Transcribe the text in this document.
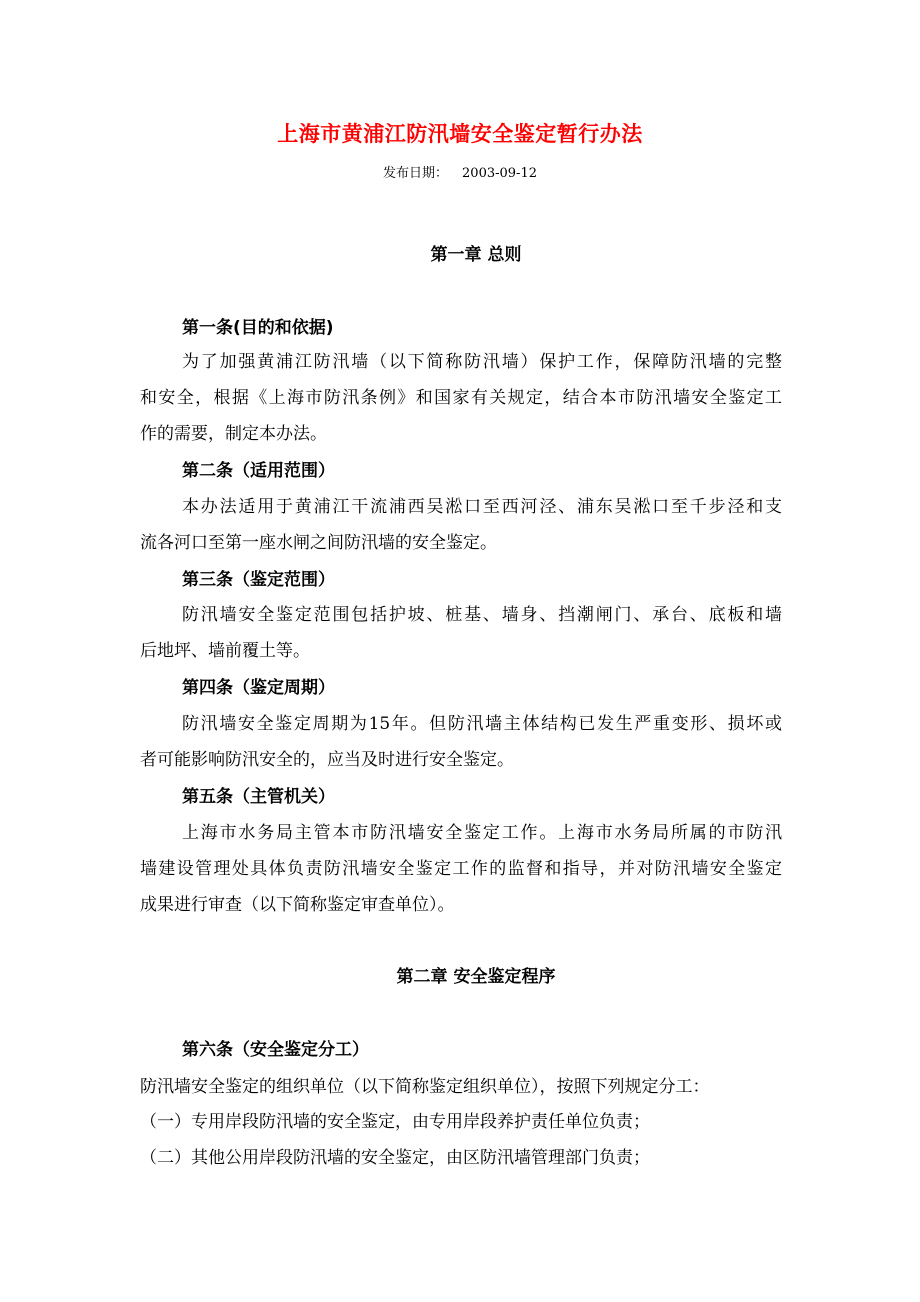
上海市黄浦江防汛墙安全鉴定暂行办法
发布日期： 2003-09-12
第一章 总则
第一条(目的和依据)
为了加强黄浦江防汛墙（以下简称防汛墙）保护工作，保障防汛墙的完整
和安全，根据《上海市防汛条例》和国家有关规定，结合本市防汛墙安全鉴定工
作的需要，制定本办法。
第二条（适用范围）
本办法适用于黄浦江干流浦西吴淞口至西河泾、浦东吴淞口至千步泾和支
流各河口至第一座水闸之间防汛墙的安全鉴定。
第三条（鉴定范围）
防汛墙安全鉴定范围包括护坡、桩基、墙身、挡潮闸门、承台、底板和墙
后地坪、墙前覆土等。
第四条（鉴定周期）
防汛墙安全鉴定周期为15年。但防汛墙主体结构已发生严重变形、损坏或
者可能影响防汛安全的，应当及时进行安全鉴定。
第五条（主管机关）
上海市水务局主管本市防汛墙安全鉴定工作。上海市水务局所属的市防汛
墙建设管理处具体负责防汛墙安全鉴定工作的监督和指导，并对防汛墙安全鉴定
成果进行审查（以下简称鉴定审查单位）。
第二章 安全鉴定程序
第六条（安全鉴定分工）
防汛墙安全鉴定的组织单位（以下简称鉴定组织单位），按照下列规定分工：
（一）专用岸段防汛墙的安全鉴定，由专用岸段养护责任单位负责；
（二）其他公用岸段防汛墙的安全鉴定，由区防汛墙管理部门负责；
